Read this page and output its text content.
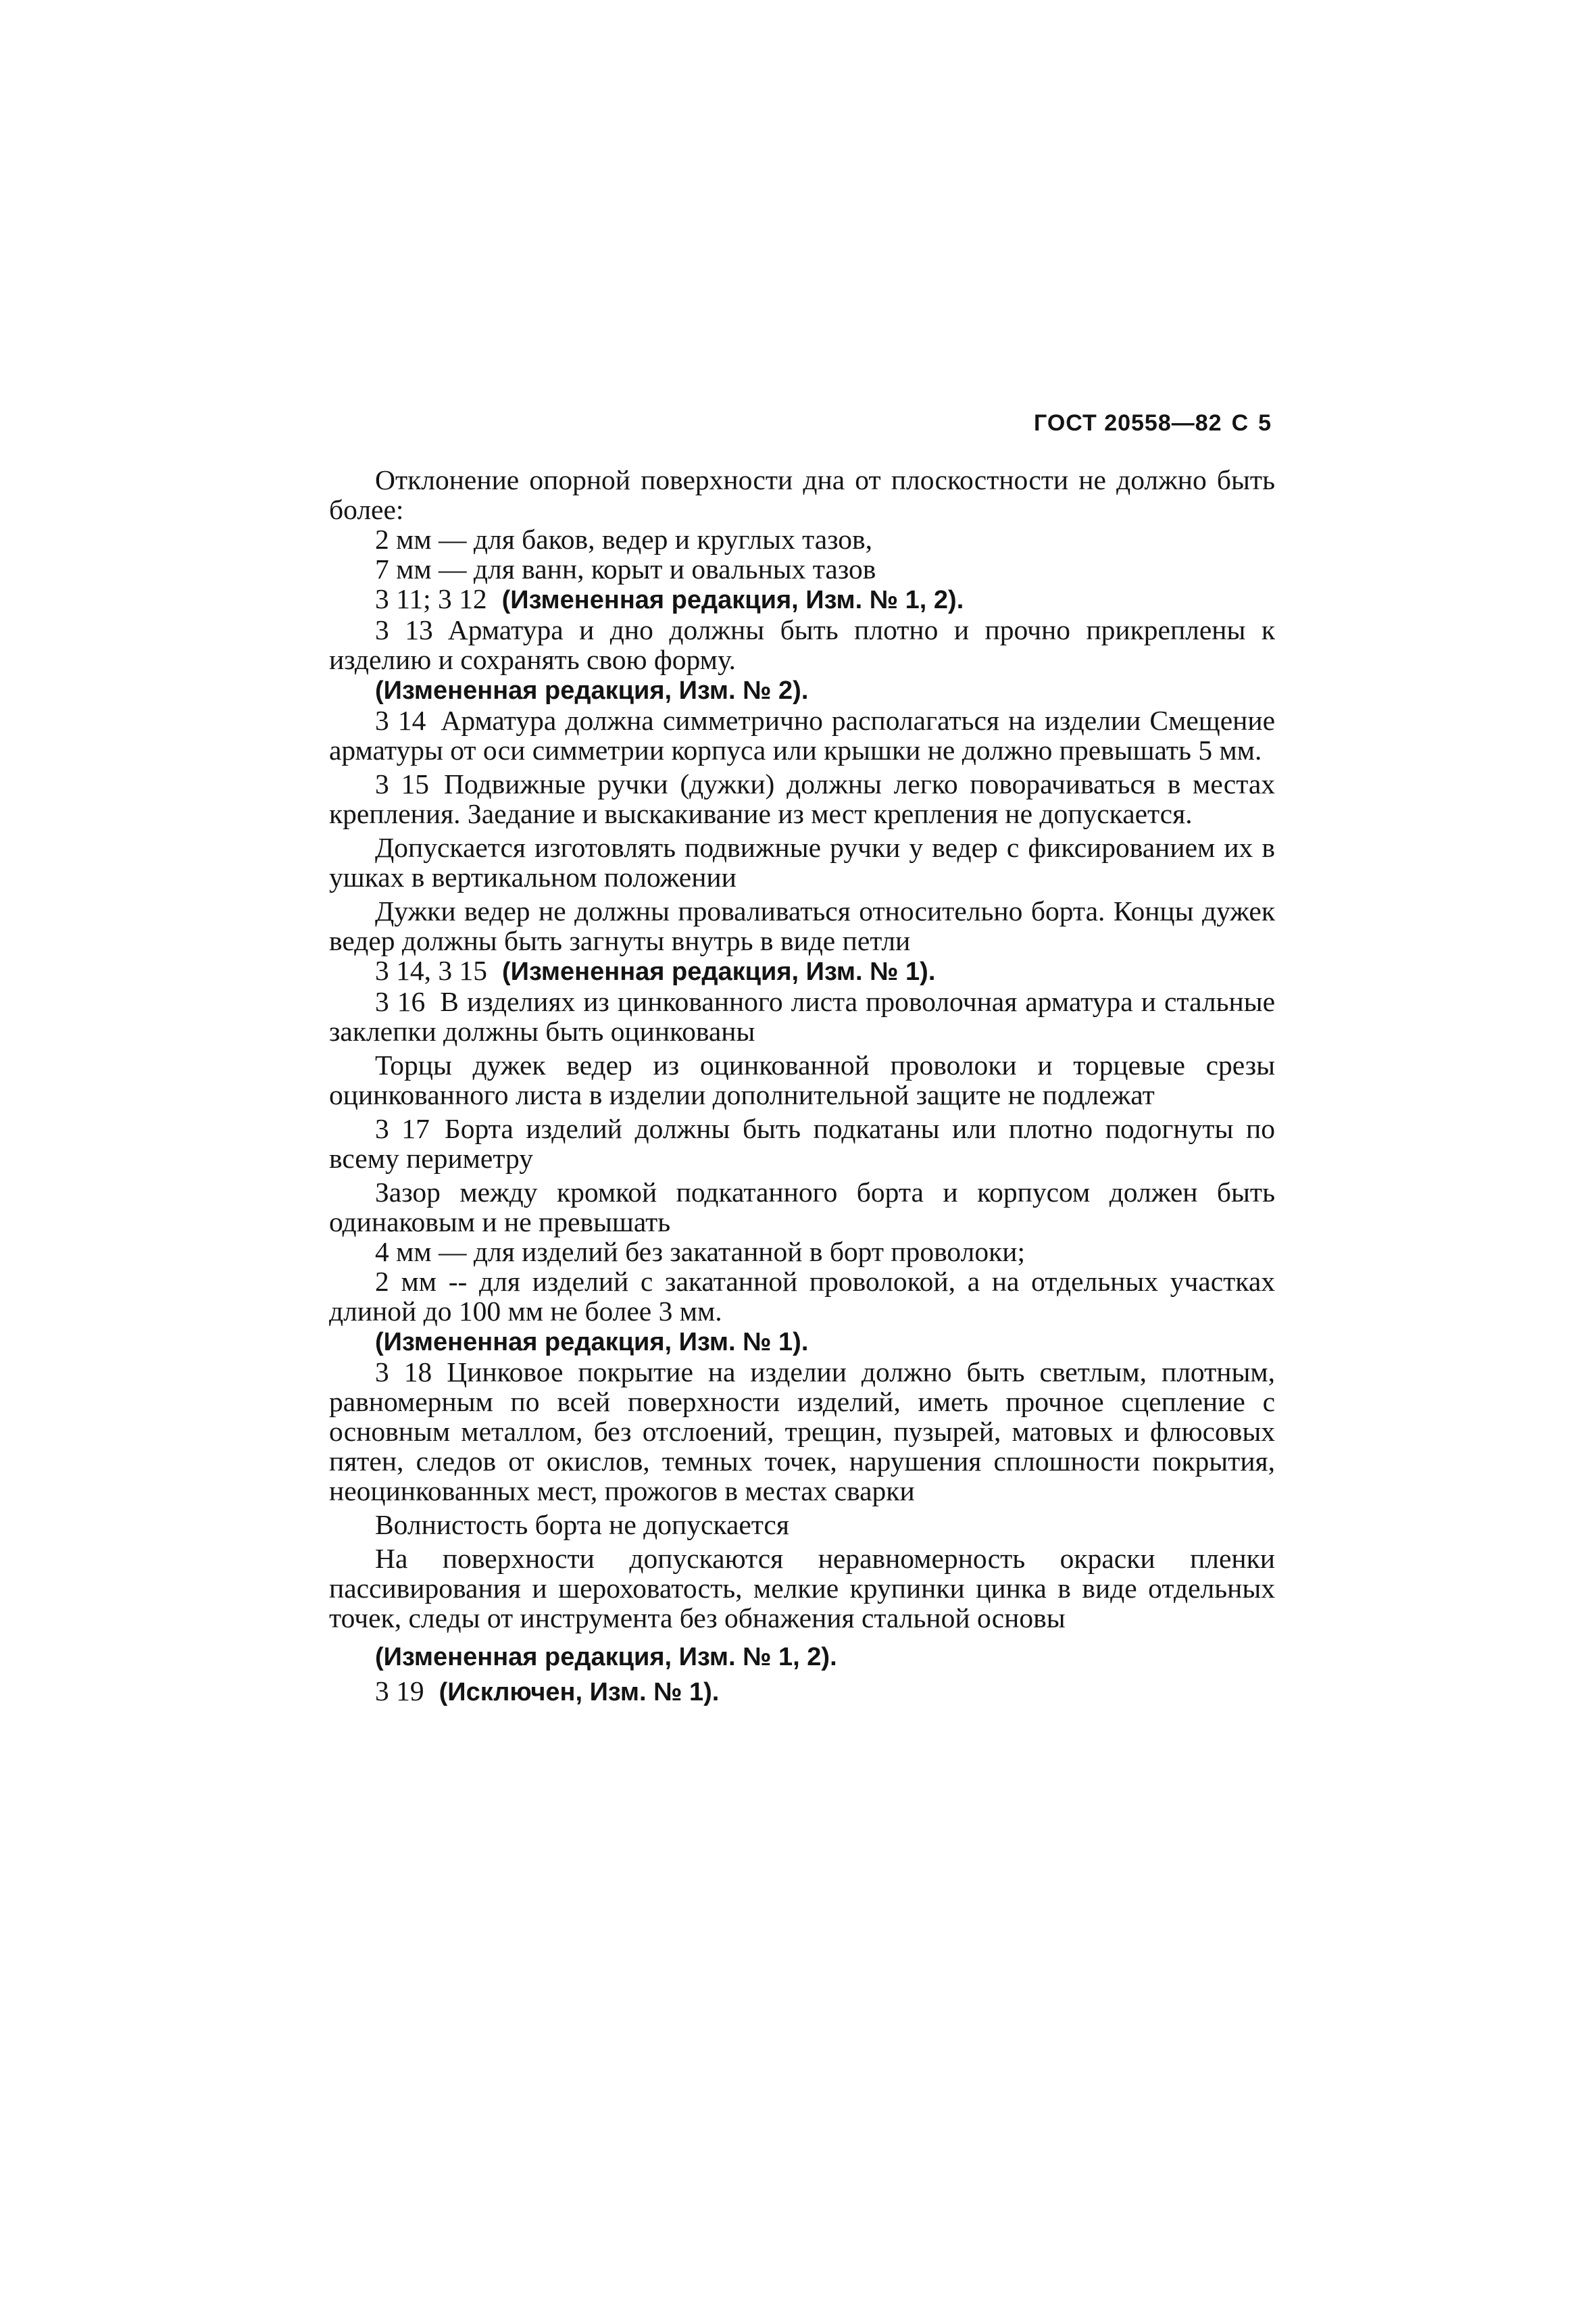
ГОСТ 20558—82 С 5

Отклонение опорной поверхности дна от плоскостности не должно быть более:

2 мм — для баков, ведер и круглых тазов,

7 мм — для ванн, корыт и овальных тазов

3 11; 3 12 (Измененная редакция, Изм. № 1, 2).

3 13 Арматура и дно должны быть плотно и прочно прикреплены к изделию и сохранять свою форму.

(Измененная редакция, Изм. № 2).

3 14 Арматура должна симметрично располагаться на изделии Смещение арматуры от оси симметрии корпуса или крышки не должно превышать 5 мм.

3 15 Подвижные ручки (дужки) должны легко поворачиваться в местах крепления. Заедание и выскакивание из мест крепления не допускается.

Допускается изготовлять подвижные ручки у ведер с фиксированием их в ушках в вертикальном положении

Дужки ведер не должны проваливаться относительно борта. Концы дужек ведер должны быть загнуты внутрь в виде петли

3 14, 3 15 (Измененная редакция, Изм. № 1).

3 16 В изделиях из цинкованного листа проволочная арматура и стальные заклепки должны быть оцинкованы

Торцы дужек ведер из оцинкованной проволоки и торцевые срезы оцинкованного листа в изделии дополнительной защите не подлежат

3 17 Борта изделий должны быть подкатаны или плотно подогнуты по всему периметру

Зазор между кромкой подкатанного борта и корпусом должен быть одинаковым и не превышать

4 мм — для изделий без закатанной в борт проволоки;

2 мм -- для изделий с закатанной проволокой, а на отдельных участках длиной до 100 мм не более 3 мм.

(Измененная редакция, Изм. № 1).

3 18 Цинковое покрытие на изделии должно быть светлым, плотным, равномерным по всей поверхности изделий, иметь прочное сцепление с основным металлом, без отслоений, трещин, пузырей, матовых и флюсовых пятен, следов от окислов, темных точек, нарушения сплошности покрытия, неоцинкованных мест, прожогов в местах сварки

Волнистость борта не допускается

На поверхности допускаются неравномерность окраски пленки пассивирования и шероховатость, мелкие крупинки цинка в виде отдельных точек, следы от инструмента без обнажения стальной основы

(Измененная редакция, Изм. № 1, 2).

3 19 (Исключен, Изм. № 1).
